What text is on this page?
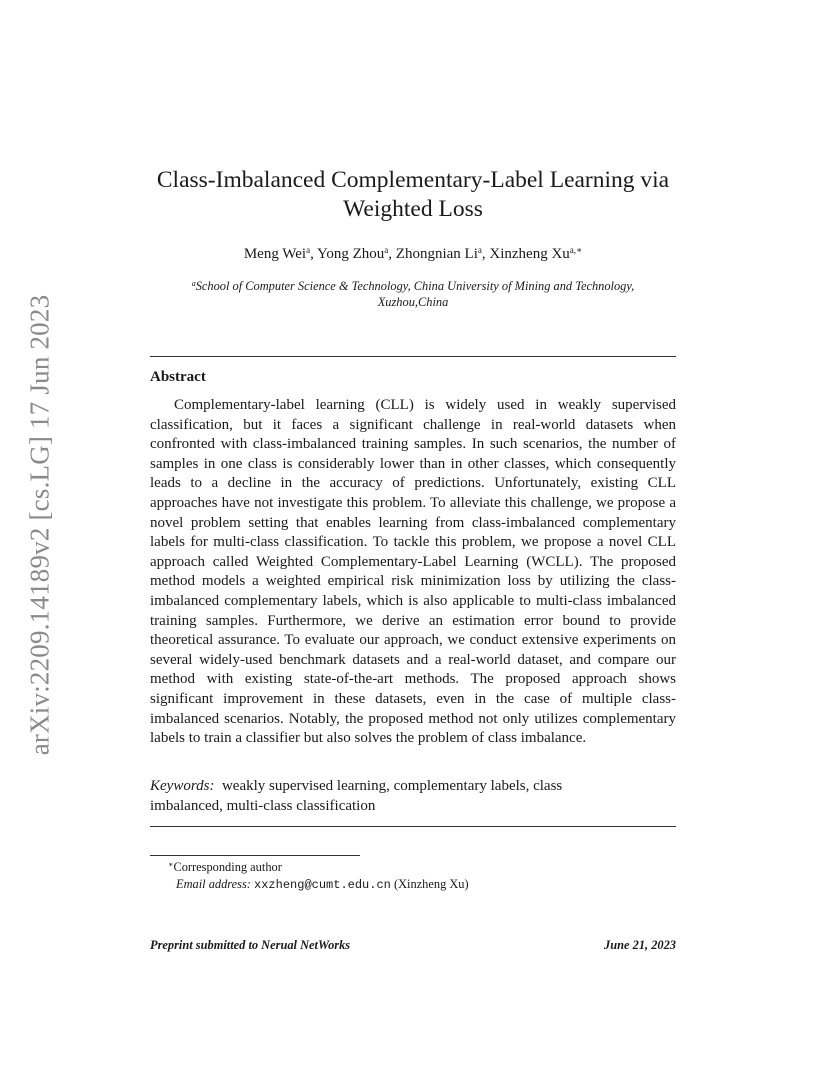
arXiv:2209.14189v2 [cs.LG] 17 Jun 2023
Class-Imbalanced Complementary-Label Learning via
Weighted Loss
Meng Wei$^a$, Yong Zhou$^a$, Zhongnian Li$^a$, Xinzheng $Xu^{a,∗}$
$^a$School of Computer Science & Technology, China University of Mining and Technology,
Xuzhou,China
Abstract
Complementary-label learning (CLL) is widely used in weakly supervised classification, but it faces a significant challenge in real-world datasets when confronted with class-imbalanced training samples. In such scenarios, the number of samples in one class is considerably lower than in other classes, which consequently leads to a decline in the accuracy of predictions. Unfortunately, existing CLL approaches have not investigate this problem. To alleviate this challenge, we propose a novel problem setting that enables learning from class-imbalanced complementary labels for multi-class classification. To tackle this problem, we propose a novel CLL approach called Weighted Complementary-Label Learning (WCLL). The proposed method models a weighted empirical risk minimization loss by utilizing the class-imbalanced complementary labels, which is also applicable to multi-class imbalanced training samples. Furthermore, we derive an estimation error bound to provide theoretical assurance. To evaluate our approach, we conduct extensive experiments on several widely-used benchmark datasets and a real-world dataset, and compare our method with existing state-of-the-art methods. The proposed approach shows significant improvement in these datasets, even in the case of multiple class-imbalanced scenarios. Notably, the proposed method not only utilizes complementary labels to train a classifier but also solves the problem of class imbalance.
Keywords: weakly supervised learning, complementary labels, class imbalanced, multi-class classification
∗Corresponding author
Email address: xxzheng@cumt.edu.cn (Xinzheng Xu)
Preprint submitted to Nerual NetWorks	June 21, 2023
